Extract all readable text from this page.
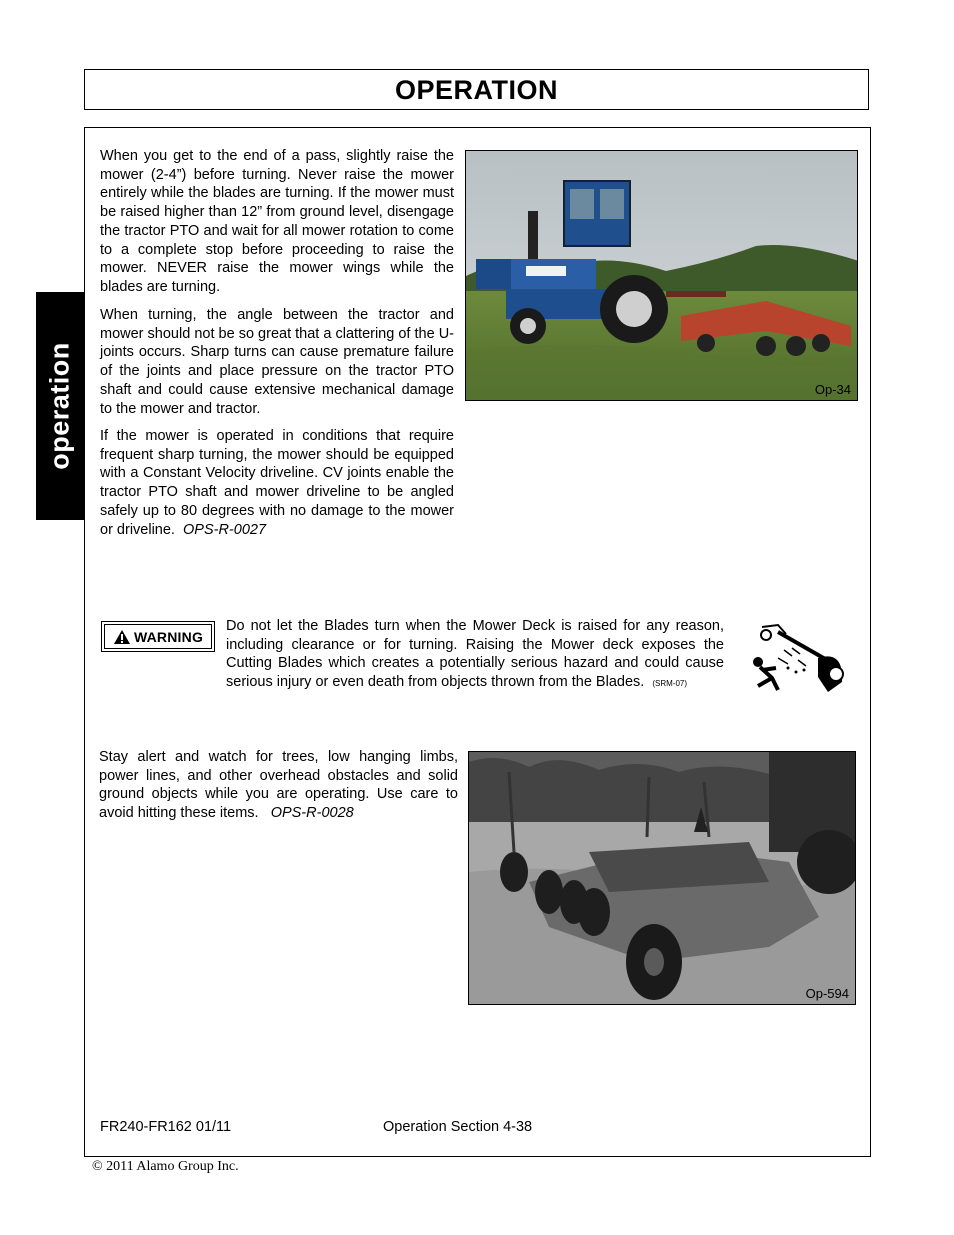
OPERATION
operation

When you get to the end of a pass, slightly raise the mower (2-4”) before turning. Never raise the mower entirely while the blades are turning. If the mower must be raised higher than 12” from ground level, disengage the tractor PTO and wait for all mower rotation to come to a complete stop before proceeding to raise the mower. NEVER raise the mower wings while the blades are turning.

When turning, the angle between the tractor and mower should not be so great that a clattering of the U-joints occurs. Sharp turns can cause premature failure of the joints and place pressure on the tractor PTO shaft and could cause extensive mechanical damage to the mower and tractor.

If the mower is operated in conditions that require frequent sharp turning, the mower should be equipped with a Constant Velocity driveline. CV joints enable the tractor PTO shaft and mower driveline to be angled safely up to 80 degrees with no damage to the mower or driveline. OPS-R-0027

Op-34
WARNING

Do not let the Blades turn when the Mower Deck is raised for any reason, including clearance or for turning. Raising the Mower deck exposes the Cutting Blades which creates a potentially serious hazard and could cause serious injury or even death from objects thrown from the Blades. (SRM-07)

Stay alert and watch for trees, low hanging limbs, power lines, and other overhead obstacles and solid ground objects while you are operating. Use care to avoid hitting these items. OPS-R-0028

Op-594
FR240-FR162 01/11	Operation Section 4-38
© 2011 Alamo Group Inc.
